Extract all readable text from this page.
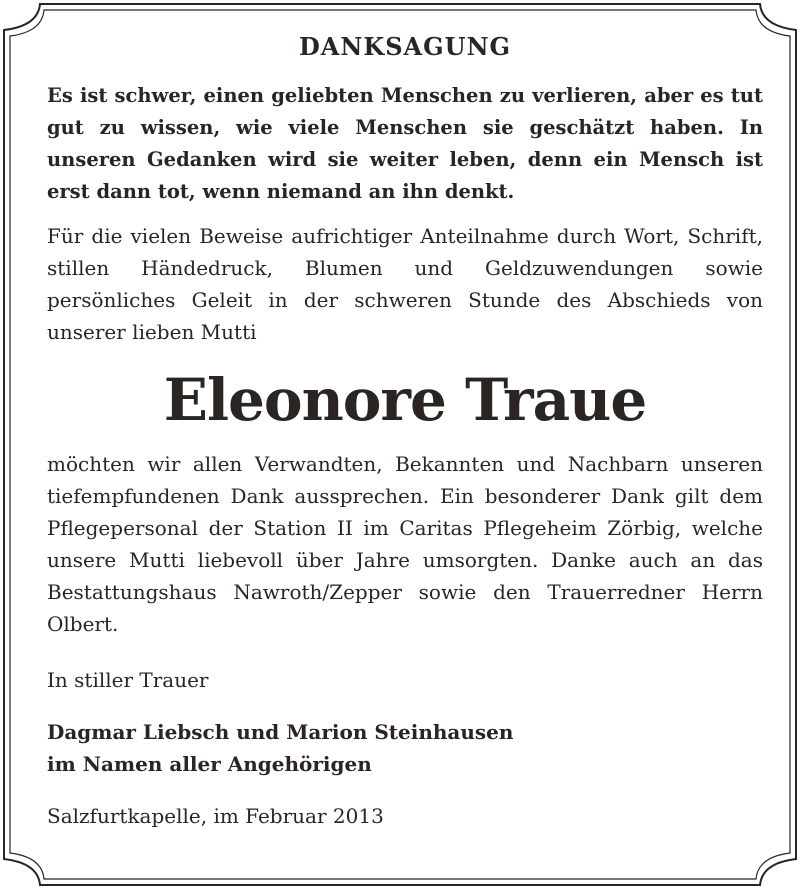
DANKSAGUNG

Es ist schwer, einen geliebten Menschen zu verlieren, aber es tut gut zu wissen, wie viele Menschen sie geschätzt haben. In unseren Gedanken wird sie weiter leben, denn ein Mensch ist erst dann tot, wenn niemand an ihn denkt.

Für die vielen Beweise aufrichtiger Anteilnahme durch Wort, Schrift, stillen Händedruck, Blumen und Geldzuwendungen sowie persönliches Geleit in der schweren Stunde des Abschieds von unserer lieben Mutti

Eleonore Traue

möchten wir allen Verwandten, Bekannten und Nachbarn unseren tiefempfundenen Dank aussprechen. Ein besonderer Dank gilt dem Pflegepersonal der Station II im Caritas Pflegeheim Zörbig, welche unsere Mutti liebevoll über Jahre umsorgten. Danke auch an das Bestattungshaus Nawroth/Zepper sowie den Trauerredner Herrn Olbert.

In stiller Trauer

Dagmar Liebsch und Marion Steinhausen

im Namen aller Angehörigen

Salzfurtkapelle, im Februar 2013
